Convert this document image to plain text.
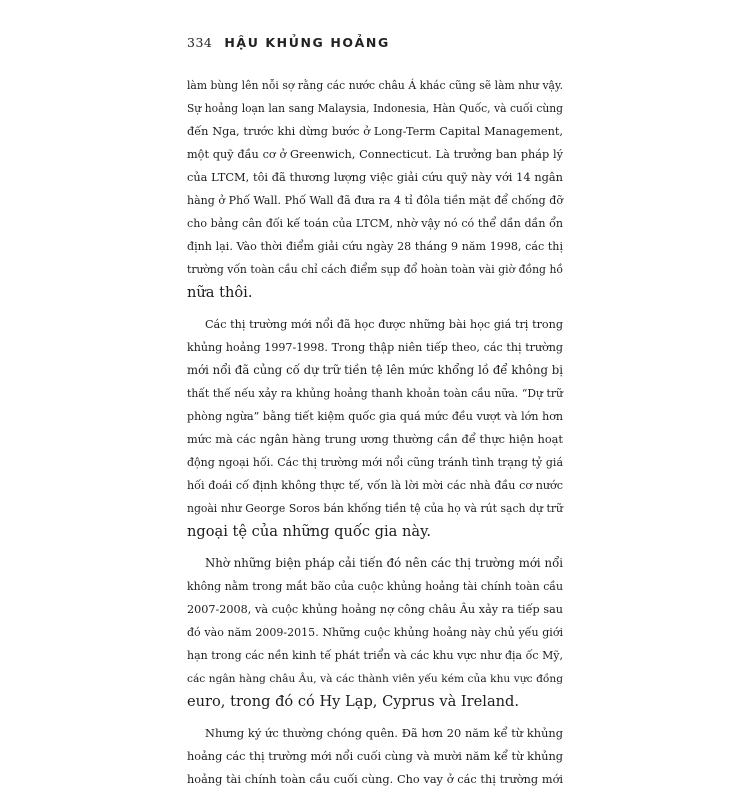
334 HẬU KHỦNG HOẢNG
làm bùng lên nỗi sợ rằng các nước châu Á khác cũng sẽ làm như vậy.
Sự hoảng loạn lan sang Malaysia, Indonesia, Hàn Quốc, và cuối cùng
đến Nga, trước khi dừng bước ở Long-Term Capital Management,
một quỹ đầu cơ ở Greenwich, Connecticut. Là trưởng ban pháp lý
của LTCM, tôi đã thương lượng việc giải cứu quỹ này với 14 ngân
hàng ở Phố Wall. Phố Wall đã đưa ra 4 tỉ đôla tiền mặt để chống đỡ
cho bảng cân đối kế toán của LTCM, nhờ vậy nó có thể dần dần ổn
định lại. Vào thời điểm giải cứu ngày 28 tháng 9 năm 1998, các thị
trường vốn toàn cầu chỉ cách điểm sụp đổ hoàn toàn vài giờ đồng hồ
nữa thôi.
Các thị trường mới nổi đã học được những bài học giá trị trong
khủng hoảng 1997-1998. Trong thập niên tiếp theo, các thị trường
mới nổi đã củng cố dự trữ tiền tệ lên mức khổng lồ để không bị
thất thế nếu xảy ra khủng hoảng thanh khoản toàn cầu nữa. “Dự trữ
phòng ngừa” bằng tiết kiệm quốc gia quá mức đều vượt và lớn hơn
mức mà các ngân hàng trung ương thường cần để thực hiện hoạt
động ngoại hối. Các thị trường mới nổi cũng tránh tình trạng tỷ giá
hối đoái cố định không thực tế, vốn là lời mời các nhà đầu cơ nước
ngoài như George Soros bán khống tiền tệ của họ và rút sạch dự trữ
ngoại tệ của những quốc gia này.
Nhờ những biện pháp cải tiến đó nên các thị trường mới nổi
không nằm trong mắt bão của cuộc khủng hoảng tài chính toàn cầu
2007-2008, và cuộc khủng hoảng nợ công châu Âu xảy ra tiếp sau
đó vào năm 2009-2015. Những cuộc khủng hoảng này chủ yếu giới
hạn trong các nền kinh tế phát triển và các khu vực như địa ốc Mỹ,
các ngân hàng châu Âu, và các thành viên yếu kém của khu vực đồng
euro, trong đó có Hy Lạp, Cyprus và Ireland.
Nhưng ký ức thường chóng quên. Đã hơn 20 năm kể từ khủng
hoảng các thị trường mới nổi cuối cùng và mười năm kể từ khủng
hoảng tài chính toàn cầu cuối cùng. Cho vay ở các thị trường mới
